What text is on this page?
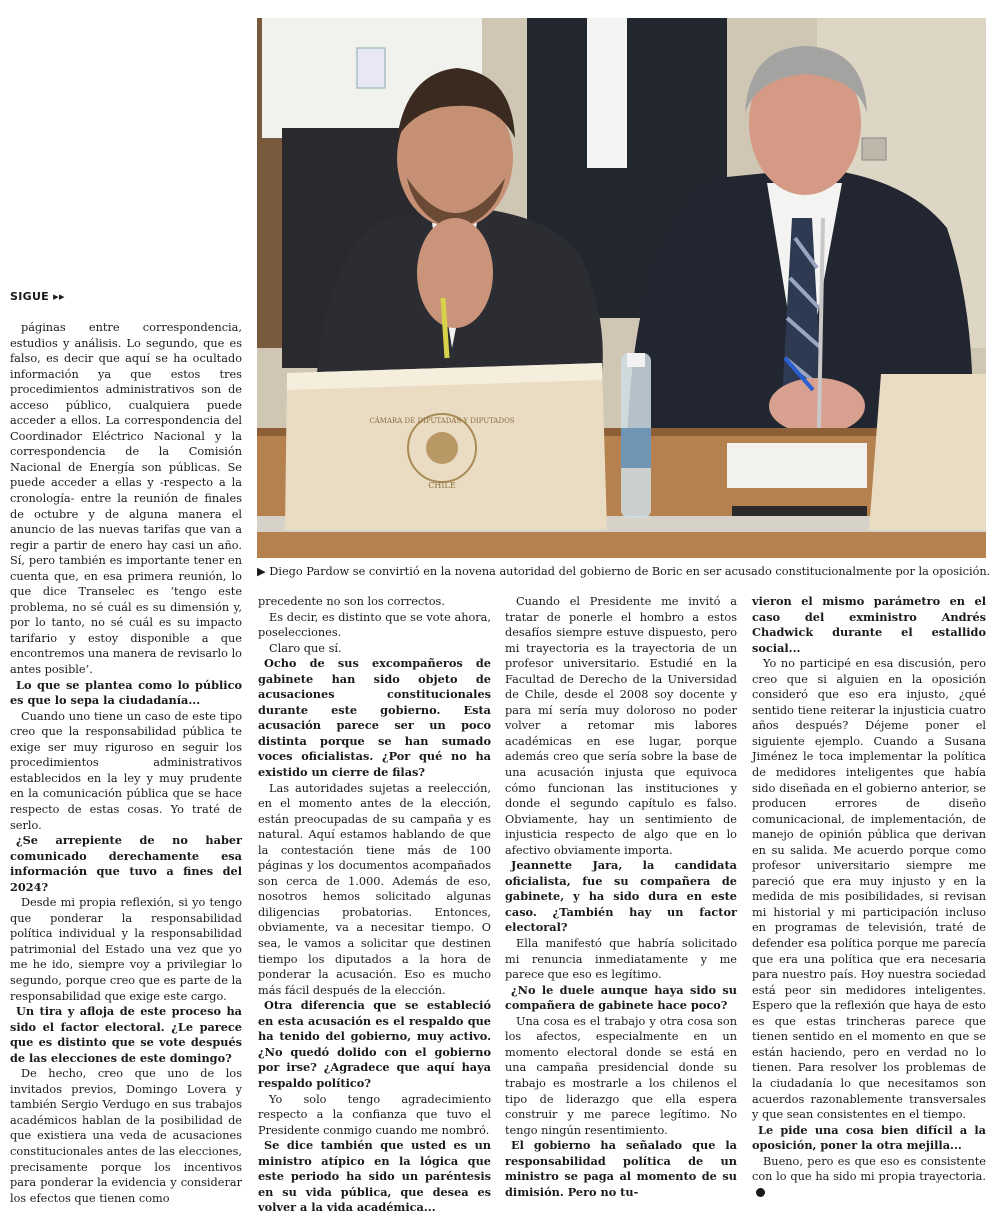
CÁMARA DE DIPUTADAS Y DIPUTADOS
CHILE
▶ Diego Pardow se convirtió en la novena autoridad del gobierno de Boric en ser acusado constitucionalmente por la oposición.
SIGUE ▸▸

páginas entre correspondencia, estudios y análisis. Lo segundo, que es falso, es decir que aquí se ha ocultado información ya que estos tres procedimientos administrativos son de acceso público, cualquiera puede acceder a ellos. La correspondencia del Coordinador Eléctrico Nacional y la correspondencia de la Comisión Nacional de Energía son públicas. Se puede acceder a ellas y -respecto a la cronología- entre la reunión de finales de octubre y de alguna manera el anuncio de las nuevas tarifas que van a regir a partir de enero hay casi un año. Sí, pero también es importante tener en cuenta que, en esa primera reunión, lo que dice Transelec es ‘tengo este problema, no sé cuál es su dimensión y, por lo tanto, no sé cuál es su impacto tarifario y estoy disponible a que encontremos una manera de revisarlo lo antes posible’.

Lo que se plantea como lo público es que lo sepa la ciudadanía...

Cuando uno tiene un caso de este tipo creo que la responsabilidad pública te exige ser muy riguroso en seguir los procedimientos administrativos establecidos en la ley y muy prudente en la comunicación pública que se hace respecto de estas cosas. Yo traté de serlo.

¿Se arrepiente de no haber comunicado derechamente esa información que tuvo a fines del 2024?

Desde mi propia reflexión, si yo tengo que ponderar la responsabilidad política individual y la responsabilidad patrimonial del Estado una vez que yo me he ido, siempre voy a privilegiar lo segundo, porque creo que es parte de la responsabilidad que exige este cargo.

Un tira y afloja de este proceso ha sido el factor electoral. ¿Le parece que es distinto que se vote después de las elecciones de este domingo?

De hecho, creo que uno de los invitados previos, Domingo Lovera y también Sergio Verdugo en sus trabajos académicos hablan de la posibilidad de que existiera una veda de acusaciones constitucionales antes de las elecciones, precisamente porque los incentivos para ponderar la evidencia y considerar los efectos que tienen como

precedente no son los correctos.

Es decir, es distinto que se vote ahora, poselecciones.

Claro que sí.

Ocho de sus excompañeros de gabinete han sido objeto de acusaciones constitucionales durante este gobierno. Esta acusación parece ser un poco distinta porque se han sumado voces oficialistas. ¿Por qué no ha existido un cierre de filas?

Las autoridades sujetas a reelección, en el momento antes de la elección, están preocupadas de su campaña y es natural. Aquí estamos hablando de que la contestación tiene más de 100 páginas y los documentos acompañados son cerca de 1.000. Además de eso, nosotros hemos solicitado algunas diligencias probatorias. Entonces, obviamente, va a necesitar tiempo. O sea, le vamos a solicitar que destinen tiempo los diputados a la hora de ponderar la acusación. Eso es mucho más fácil después de la elección.

Otra diferencia que se estableció en esta acusación es el respaldo que ha tenido del gobierno, muy activo. ¿No quedó dolido con el gobierno por irse? ¿Agradece que aquí haya respaldo político?

Yo solo tengo agradecimiento respecto a la confianza que tuvo el Presidente conmigo cuando me nombró.

Se dice también que usted es un ministro atípico en la lógica que este periodo ha sido un paréntesis en su vida pública, que desea es volver a la vida académica...

Cuando el Presidente me invitó a tratar de ponerle el hombro a estos desafíos siempre estuve dispuesto, pero mi trayectoria es la trayectoria de un profesor universitario. Estudié en la Facultad de Derecho de la Universidad de Chile, desde el 2008 soy docente y para mí sería muy doloroso no poder volver a retomar mis labores académicas en ese lugar, porque además creo que sería sobre la base de una acusación injusta que equivoca cómo funcionan las instituciones y donde el segundo capítulo es falso. Obviamente, hay un sentimiento de injusticia respecto de algo que en lo afectivo obviamente importa.

Jeannette Jara, la candidata oficialista, fue su compañera de gabinete, y ha sido dura en este caso. ¿También hay un factor electoral?

Ella manifestó que habría solicitado mi renuncia inmediatamente y me parece que eso es legítimo.

¿No le duele aunque haya sido su compañera de gabinete hace poco?

Una cosa es el trabajo y otra cosa son los afectos, especialmente en un momento electoral donde se está en una campaña presidencial donde su trabajo es mostrarle a los chilenos el tipo de liderazgo que ella espera construir y me parece legítimo. No tengo ningún resentimiento.

El gobierno ha señalado que la responsabilidad política de un ministro se paga al momento de su dimisión. Pero no tu-

vieron el mismo parámetro en el caso del exministro Andrés Chadwick durante el estallido social...

Yo no participé en esa discusión, pero creo que si alguien en la oposición consideró que eso era injusto, ¿qué sentido tiene reiterar la injusticia cuatro años después? Déjeme poner el siguiente ejemplo. Cuando a Susana Jiménez le toca implementar la política de medidores inteligentes que había sido diseñada en el gobierno anterior, se producen errores de diseño comunicacional, de implementación, de manejo de opinión pública que derivan en su salida. Me acuerdo porque como profesor universitario siempre me pareció que era muy injusto y en la medida de mis posibilidades, si revisan mi historial y mi participación incluso en programas de televisión, traté de defender esa política porque me parecía que era una política que era necesaria para nuestro país. Hoy nuestra sociedad está peor sin medidores inteligentes. Espero que la reflexión que haya de esto es que estas trincheras parece que tienen sentido en el momento en que se están haciendo, pero en verdad no lo tienen. Para resolver los problemas de la ciudadanía lo que necesitamos son acuerdos razonablemente transversales y que sean consistentes en el tiempo.

Le pide una cosa bien difícil a la oposición, poner la otra mejilla...

Bueno, pero es que eso es consistente con lo que ha sido mi propia trayectoria.
